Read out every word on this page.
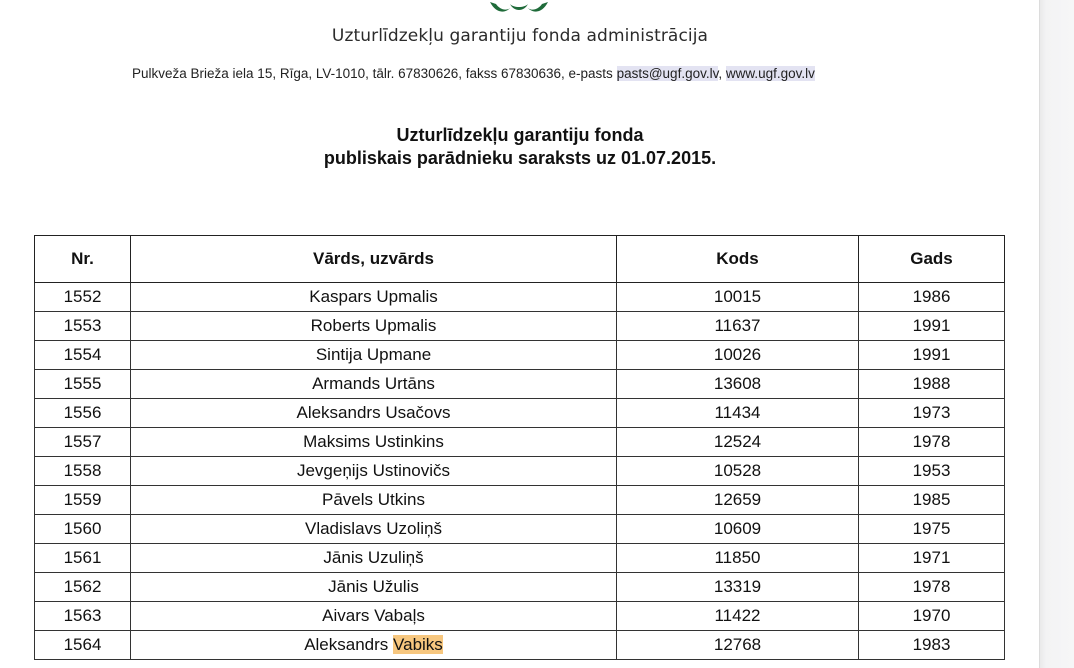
Uzturlīdzekļu garantiju fonda administrācija
Pulkveža Brieža iela 15, Rīga, LV-1010, tālr. 67830626, fakss 67830636, e-pasts pasts@ugf.gov.lv, www.ugf.gov.lv
Uzturlīdzekļu garantiju fonda
publiskais parādnieku saraksts uz 01.07.2015.
Nr.	Vārds, uzvārds	Kods	Gads
1552	Kaspars Upmalis	10015	1986
1553	Roberts Upmalis	11637	1991
1554	Sintija Upmane	10026	1991
1555	Armands Urtāns	13608	1988
1556	Aleksandrs Usačovs	11434	1973
1557	Maksims Ustinkins	12524	1978
1558	Jevgeņijs Ustinovičs	10528	1953
1559	Pāvels Utkins	12659	1985
1560	Vladislavs Uzoliņš	10609	1975
1561	Jānis Uzuliņš	11850	1971
1562	Jānis Užulis	13319	1978
1563	Aivars Vabaļs	11422	1970
1564	Aleksandrs Vabiks	12768	1983
